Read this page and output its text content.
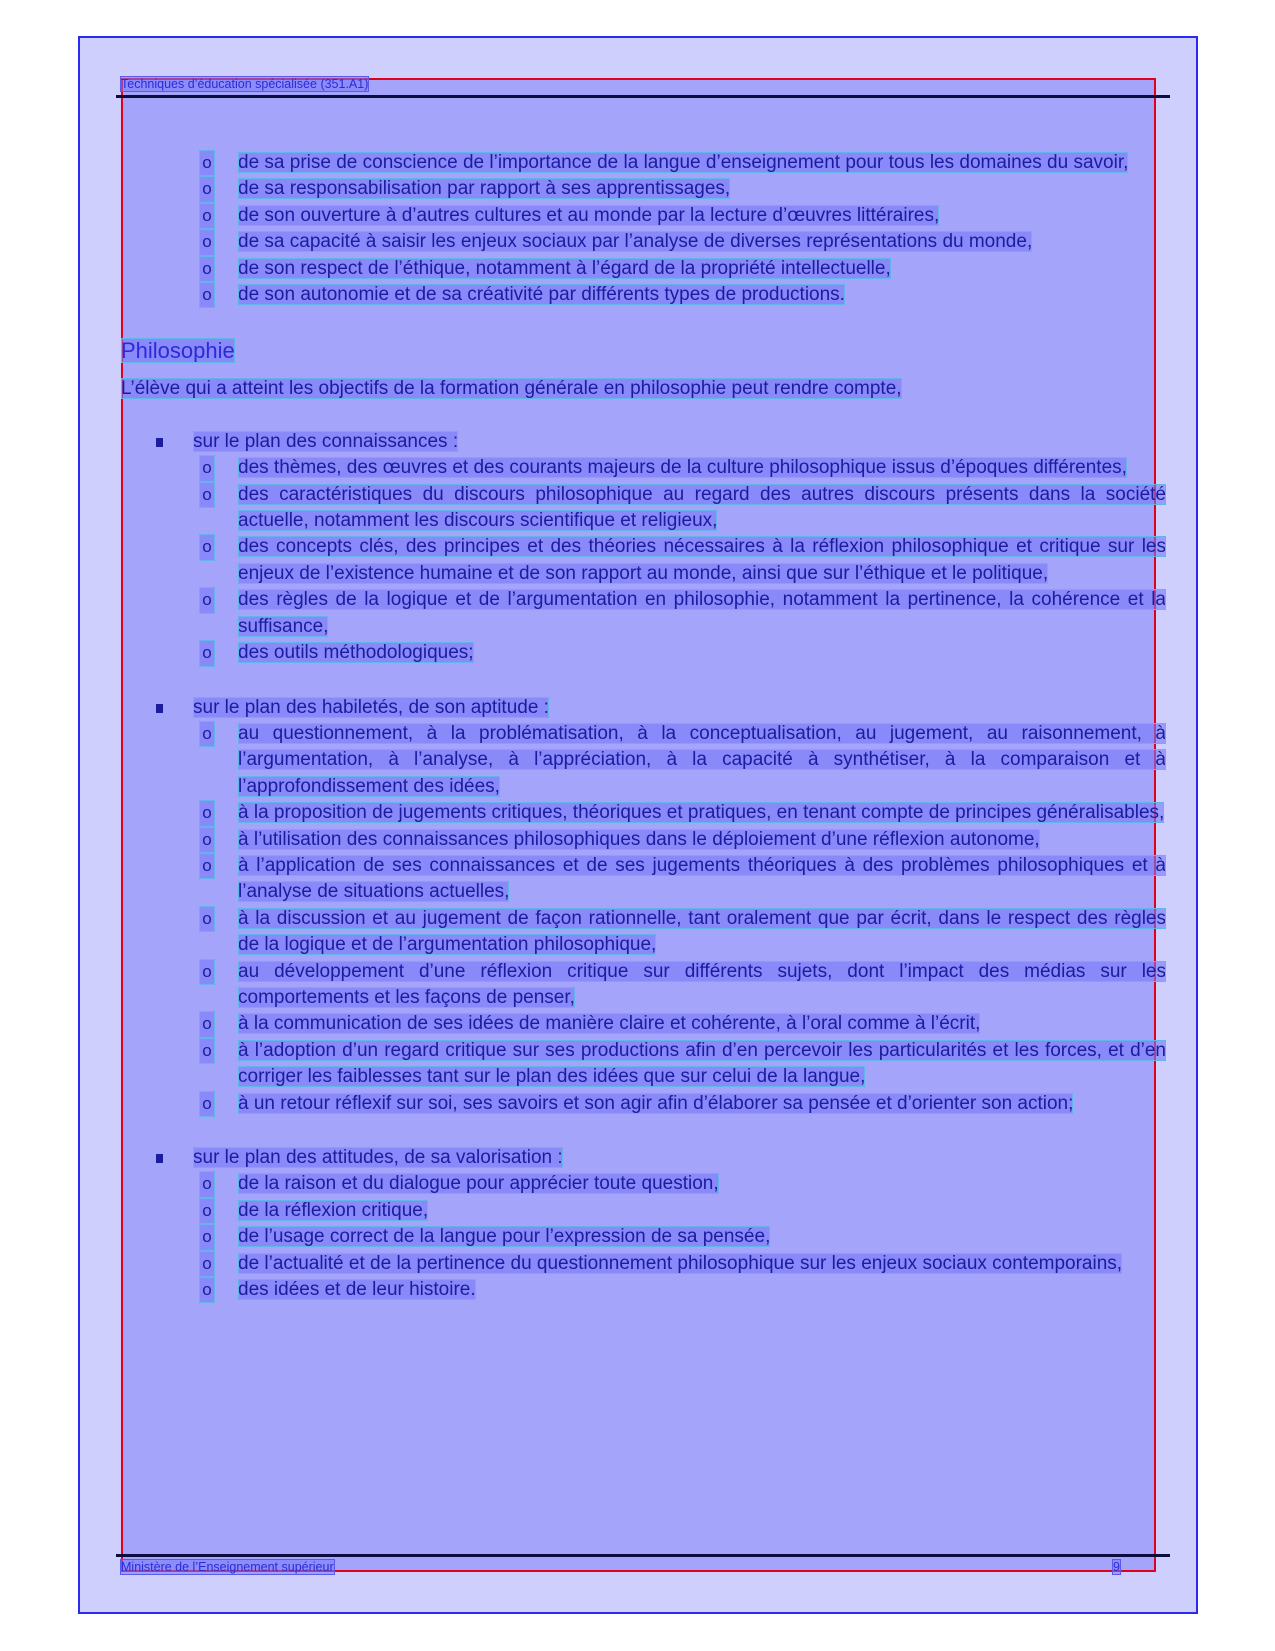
Techniques d’éducation spécialisée (351.A1)

o de sa prise de conscience de l’importance de la langue d’enseignement pour tous les domaines du savoir,

o de sa responsabilisation par rapport à ses apprentissages,

o de son ouverture à d’autres cultures et au monde par la lecture d’œuvres littéraires,

o de sa capacité à saisir les enjeux sociaux par l’analyse de diverses représentations du monde,

o de son respect de l’éthique, notamment à l’égard de la propriété intellectuelle,

o de son autonomie et de sa créativité par différents types de productions.

Philosophie

L’élève qui a atteint les objectifs de la formation générale en philosophie peut rendre compte,

sur le plan des connaissances :

o des thèmes, des œuvres et des courants majeurs de la culture philosophique issus d’époques différentes,

o des caractéristiques du discours philosophique au regard des autres discours présents dans la société actuelle, notamment les discours scientifique et religieux,

o des concepts clés, des principes et des théories nécessaires à la réflexion philosophique et critique sur les enjeux de l’existence humaine et de son rapport au monde, ainsi que sur l’éthique et le politique,

o des règles de la logique et de l’argumentation en philosophie, notamment la pertinence, la cohérence et la suffisance,

o des outils méthodologiques;

sur le plan des habiletés, de son aptitude :

o au questionnement, à la problématisation, à la conceptualisation, au jugement, au raisonnement, à l’argumentation, à l’analyse, à l’appréciation, à la capacité à synthétiser, à la comparaison et à l’approfondissement des idées,

o à la proposition de jugements critiques, théoriques et pratiques, en tenant compte de principes généralisables,

o à l’utilisation des connaissances philosophiques dans le déploiement d’une réflexion autonome,

o à l’application de ses connaissances et de ses jugements théoriques à des problèmes philosophiques et à l’analyse de situations actuelles,

o à la discussion et au jugement de façon rationnelle, tant oralement que par écrit, dans le respect des règles de la logique et de l’argumentation philosophique,

o au développement d’une réflexion critique sur différents sujets, dont l’impact des médias sur les comportements et les façons de penser,

o à la communication de ses idées de manière claire et cohérente, à l’oral comme à l’écrit,

o à l’adoption d’un regard critique sur ses productions afin d’en percevoir les particularités et les forces, et d’en corriger les faiblesses tant sur le plan des idées que sur celui de la langue,

o à un retour réflexif sur soi, ses savoirs et son agir afin d’élaborer sa pensée et d’orienter son action;

sur le plan des attitudes, de sa valorisation :

o de la raison et du dialogue pour apprécier toute question,

o de la réflexion critique,

o de l’usage correct de la langue pour l’expression de sa pensée,

o de l’actualité et de la pertinence du questionnement philosophique sur les enjeux sociaux contemporains,

o des idées et de leur histoire.

Ministère de l’Enseignement supérieur	9
